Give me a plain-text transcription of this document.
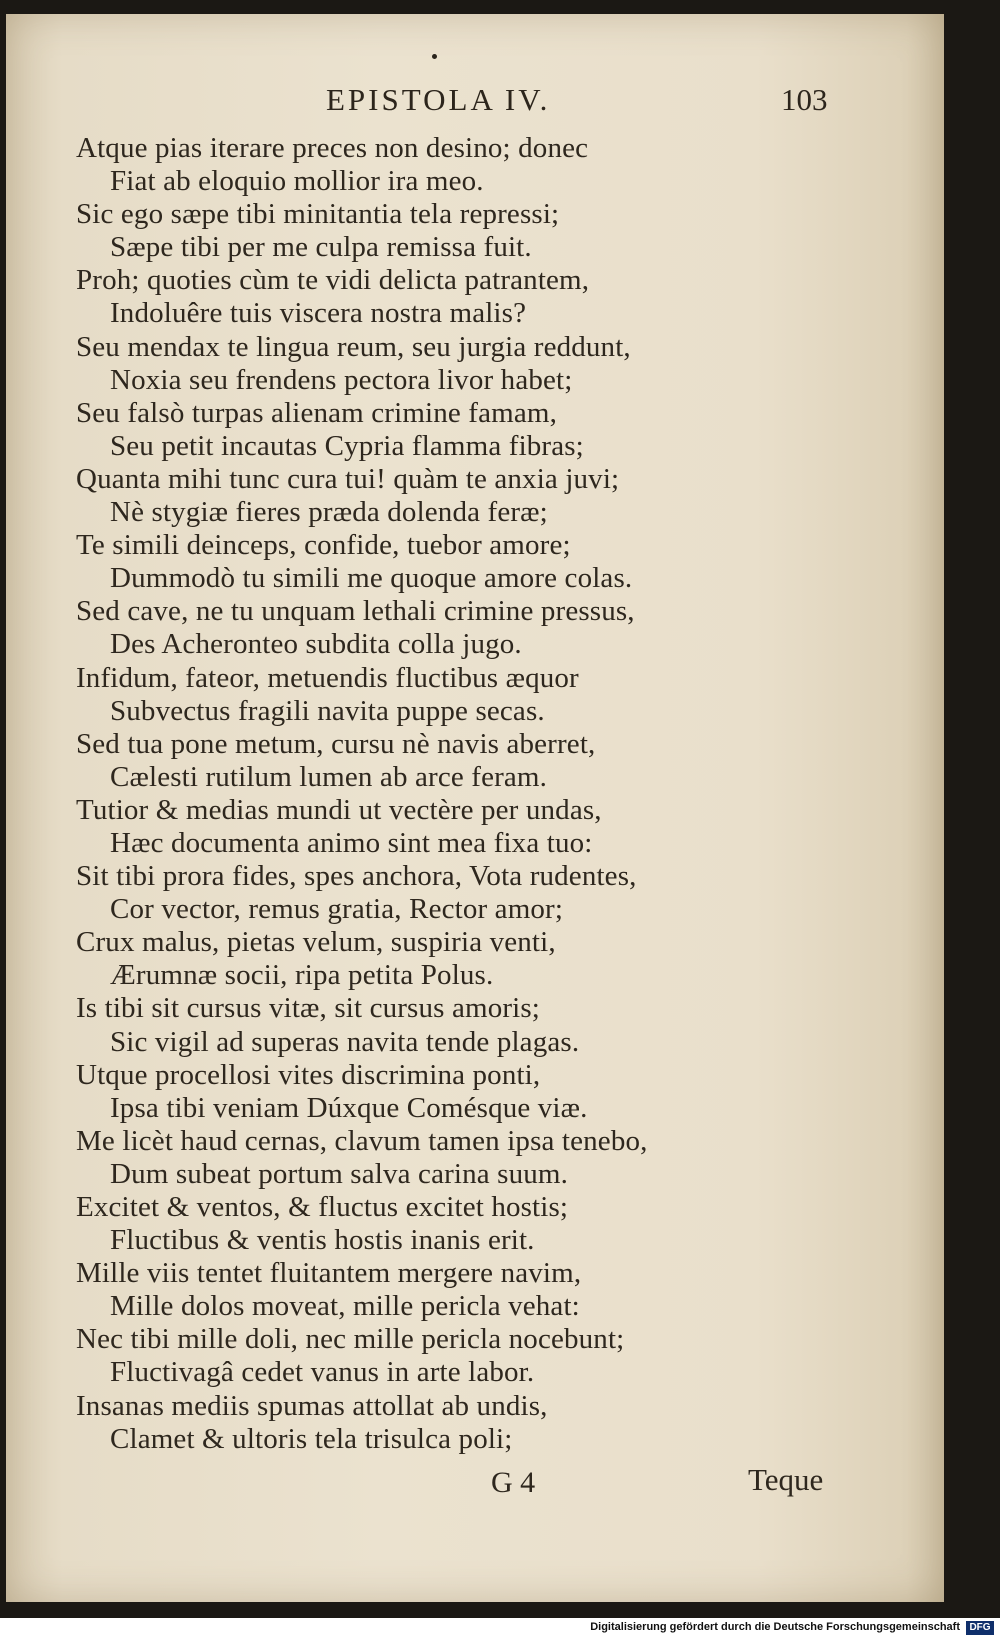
EPISTOLA IV.	103
Atque pias iterare preces non desino; donec
Fiat ab eloquio mollior ira meo.
Sic ego sæpe tibi minitantia tela repressi;
Sæpe tibi per me culpa remissa fuit.
Proh; quoties cùm te vidi delicta patrantem,
Indoluêre tuis viscera nostra malis?
Seu mendax te lingua reum, seu jurgia reddunt,
Noxia seu frendens pectora livor habet;
Seu falsò turpas alienam crimine famam,
Seu petit incautas Cypria flamma fibras;
Quanta mihi tunc cura tui! quàm te anxia juvi;
Nè stygiæ fieres præda dolenda feræ;
Te simili deinceps, confide, tuebor amore;
Dummodò tu simili me quoque amore colas.
Sed cave, ne tu unquam lethali crimine pressus,
Des Acheronteo subdita colla jugo.
Infidum, fateor, metuendis fluctibus æquor
Subvectus fragili navita puppe secas.
Sed tua pone metum, cursu nè navis aberret,
Cælesti rutilum lumen ab arce feram.
Tutior & medias mundi ut vectère per undas,
Hæc documenta animo sint mea fixa tuo:
Sit tibi prora fides, spes anchora, Vota rudentes,
Cor vector, remus gratia, Rector amor;
Crux malus, pietas velum, suspiria venti,
Ærumnæ socii, ripa petita Polus.
Is tibi sit cursus vitæ, sit cursus amoris;
Sic vigil ad superas navita tende plagas.
Utque procellosi vites discrimina ponti,
Ipsa tibi veniam Dúxque Comésque viæ.
Me licèt haud cernas, clavum tamen ipsa tenebo,
Dum subeat portum salva carina suum.
Excitet & ventos, & fluctus excitet hostis;
Fluctibus & ventis hostis inanis erit.
Mille viis tentet fluitantem mergere navim,
Mille dolos moveat, mille pericla vehat:
Nec tibi mille doli, nec mille pericla nocebunt;
Fluctivagâ cedet vanus in arte labor.
Insanas mediis spumas attollat ab undis,
Clamet & ultoris tela trisulca poli;
G 4	Teque
Digitalisierung gefördert durch die Deutsche Forschungsgemeinschaft DFG
